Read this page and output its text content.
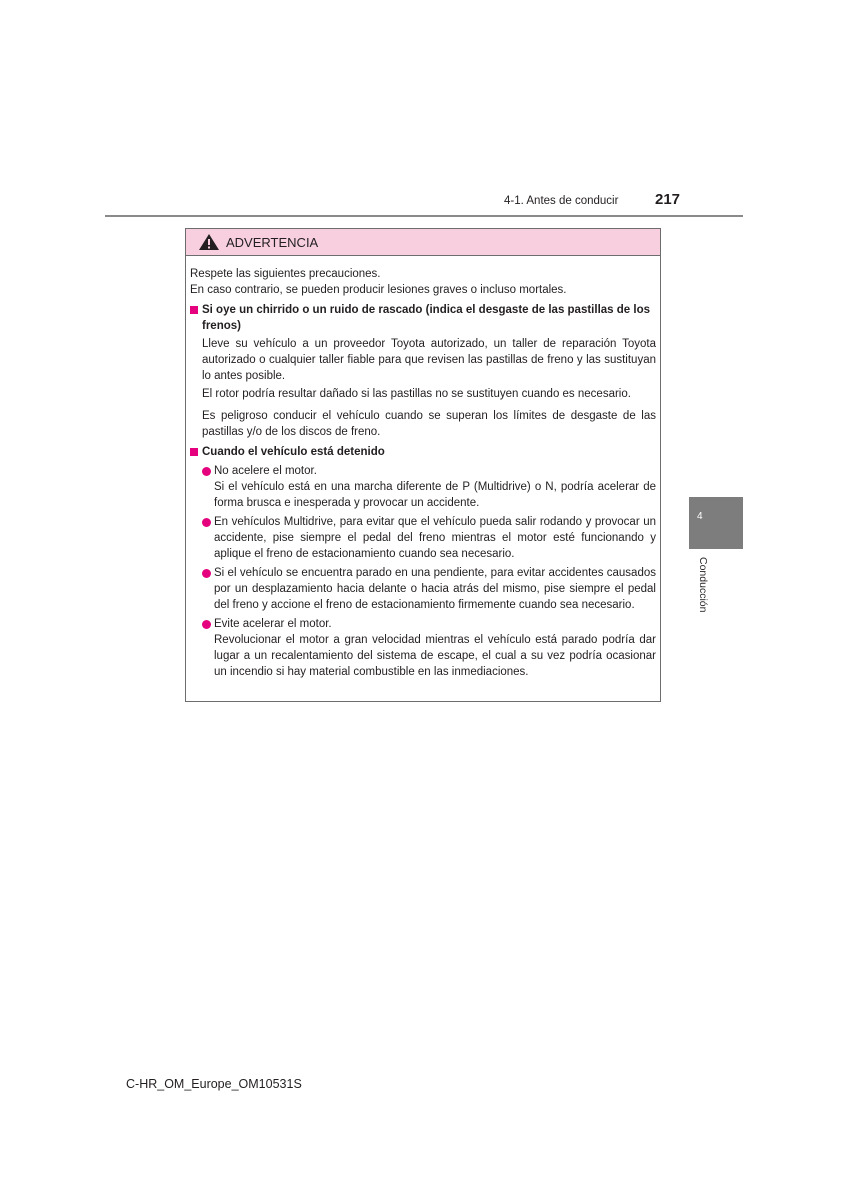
4-1. Antes de conducir 217
4
Conducción
ADVERTENCIA

Respete las siguientes precauciones.

En caso contrario, se pueden producir lesiones graves o incluso mortales.

Si oye un chirrido o un ruido de rascado (indica el desgaste de las pastillas de los frenos)

Lleve su vehículo a un proveedor Toyota autorizado, un taller de reparación Toyota autorizado o cualquier taller fiable para que revisen las pastillas de freno y las sustituyan lo antes posible.

El rotor podría resultar dañado si las pastillas no se sustituyen cuando es necesario.

Es peligroso conducir el vehículo cuando se superan los límites de desgaste de las pastillas y/o de los discos de freno.

Cuando el vehículo está detenido
No acelere el motor.
Si el vehículo está en una marcha diferente de P (Multidrive) o N, podría acelerar de forma brusca e inesperada y provocar un accidente.
En vehículos Multidrive, para evitar que el vehículo pueda salir rodando y provocar un accidente, pise siempre el pedal del freno mientras el motor esté funcionando y aplique el freno de estacionamiento cuando sea necesario.
Si el vehículo se encuentra parado en una pendiente, para evitar accidentes causados por un desplazamiento hacia delante o hacia atrás del mismo, pise siempre el pedal del freno y accione el freno de estacionamiento firmemente cuando sea necesario.
Evite acelerar el motor.
Revolucionar el motor a gran velocidad mientras el vehículo está parado podría dar lugar a un recalentamiento del sistema de escape, el cual a su vez podría ocasionar un incendio si hay material combustible en las inmediaciones.
C-HR_OM_Europe_OM10531S
